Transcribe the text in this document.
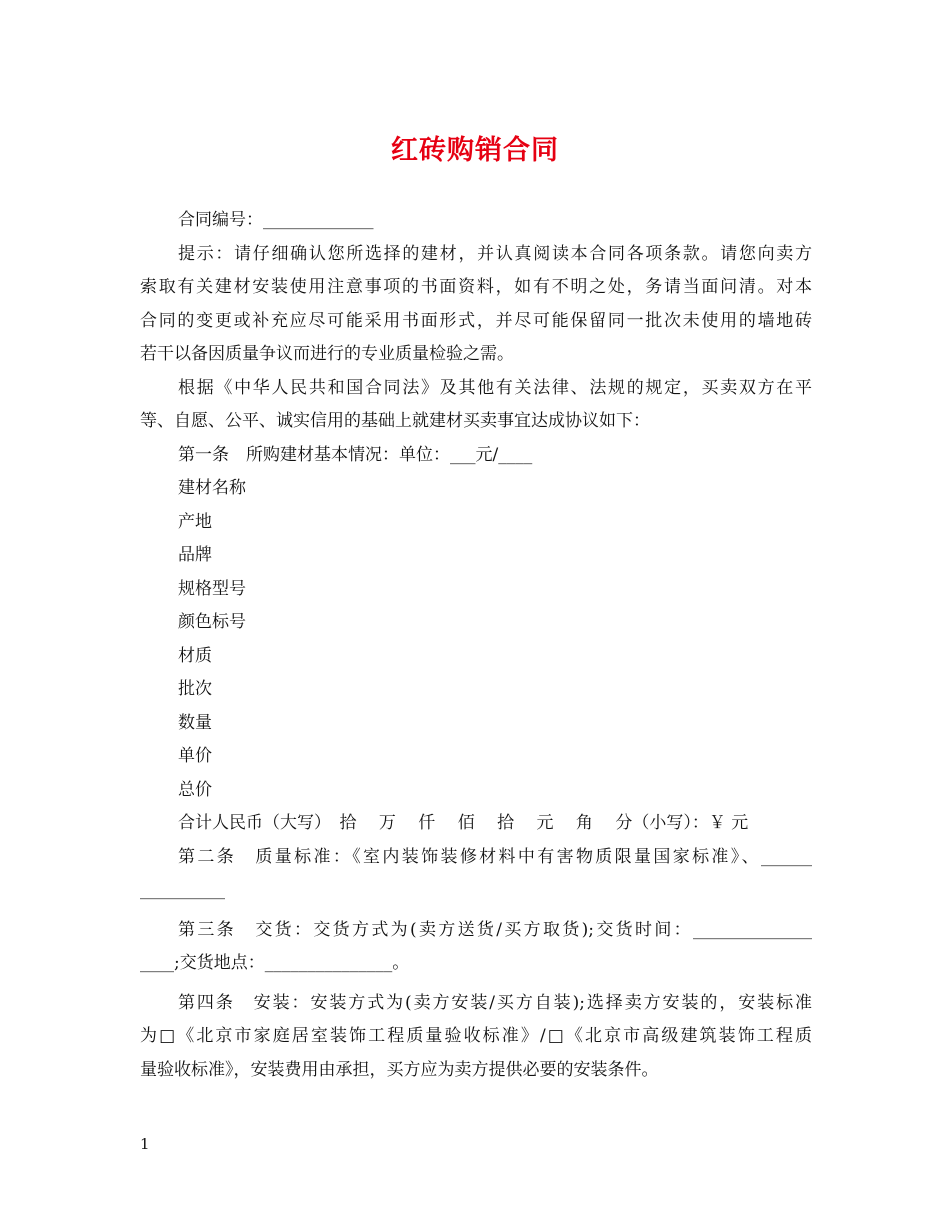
红砖购销合同
合同编号：_____________
提示：请仔细确认您所选择的建材，并认真阅读本合同各项条款。请您向卖方
索取有关建材安装使用注意事项的书面资料，如有不明之处，务请当面问清。对本
合同的变更或补充应尽可能采用书面形式，并尽可能保留同一批次未使用的墙地砖
若干以备因质量争议而进行的专业质量检验之需。
根据《中华人民共和国合同法》及其他有关法律、法规的规定，买卖双方在平
等、自愿、公平、诚实信用的基础上就建材买卖事宜达成协议如下：
第一条　所购建材基本情况：单位：___元/____
建材名称
产地
品牌
规格型号
颜色标号
材质
批次
数量
单价
总价
合计人民币（大写）　拾　 万　 仟　 佰　 拾　 元　 角　 分（小写）：￥ 元
第二条　质量标准：《室内装饰装修材料中有害物质限量国家标准》、______
__________
第三条　交货：交货方式为(卖方送货/买方取货);交货时间：______________
____;交货地点：_______________。
第四条　安装：安装方式为(卖方安装/买方自装);选择卖方安装的，安装标准
为□《北京市家庭居室装饰工程质量验收标准》/□《北京市高级建筑装饰工程质
量验收标准》，安装费用由承担，买方应为卖方提供必要的安装条件。
1
